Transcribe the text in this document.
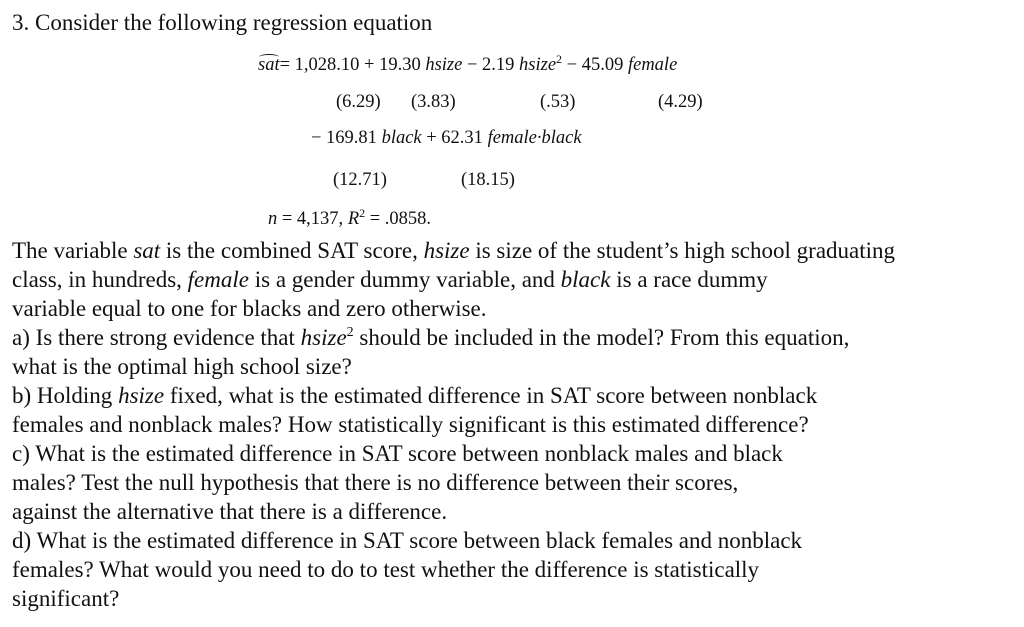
3. Consider the following regression equation
sat= 1,028.10 + 19.30 hsize − 2.19 hsize$^2$ − 45.09 female
(6.29) (3.83)	(.53)	(4.29)
− 169.81 black + 62.31 female·black
(12.71)	(18.15)
n = 4,137, $R^2 = .0858$.
The variable sat is the combined SAT score, hsize is size of the student’s high school graduating
class, in hundreds, female is a gender dummy variable, and black is a race dummy
variable equal to one for blacks and zero otherwise.
a) Is there strong evidence that hsize$^2$ should be included in the model? From this equation,
what is the optimal high school size?
b) Holding hsize fixed, what is the estimated difference in SAT score between nonblack
females and nonblack males? How statistically significant is this estimated difference?
c) What is the estimated difference in SAT score between nonblack males and black
males? Test the null hypothesis that there is no difference between their scores,
against the alternative that there is a difference.
d) What is the estimated difference in SAT score between black females and nonblack
females? What would you need to do to test whether the difference is statistically
significant?
